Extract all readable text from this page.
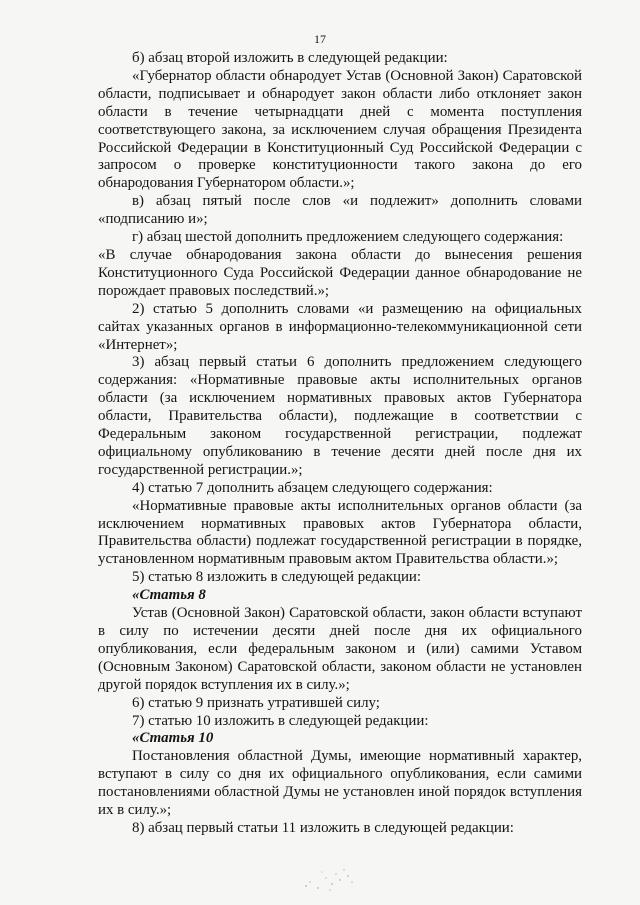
17

б) абзац второй изложить в следующей редакции:

«Губернатор области обнародует Устав (Основной Закон) Саратовской области, подписывает и обнародует закон области либо отклоняет закон области в течение четырнадцати дней с момента поступления соответствующего закона, за исключением случая обращения Президента Российской Федерации в Конституционный Суд Российской Федерации с запросом о проверке конституционности такого закона до его обнародования Губернатором области.»;

в) абзац пятый после слов «и подлежит» дополнить словами «подписанию и»;

г) абзац шестой дополнить предложением следующего содержания:

«В случае обнародования закона области до вынесения решения Конституционного Суда Российской Федерации данное обнародование не порождает правовых последствий.»;

2) статью 5 дополнить словами «и размещению на официальных сайтах указанных органов в информационно-телекоммуникационной сети «Интернет»;

3) абзац первый статьи 6 дополнить предложением следующего содержания: «Нормативные правовые акты исполнительных органов области (за исключением нормативных правовых актов Губернатора области, Правительства области), подлежащие в соответствии с Федеральным законом государственной регистрации, подлежат официальному опубликованию в течение десяти дней после дня их государственной регистрации.»;

4) статью 7 дополнить абзацем следующего содержания:

«Нормативные правовые акты исполнительных органов области (за исключением нормативных правовых актов Губернатора области, Правительства области) подлежат государственной регистрации в порядке, установленном нормативным правовым актом Правительства области.»;

5) статью 8 изложить в следующей редакции:

«Статья 8

Устав (Основной Закон) Саратовской области, закон области вступают в силу по истечении десяти дней после дня их официального опубликования, если федеральным законом и (или) самими Уставом (Основным Законом) Саратовской области, законом области не установлен другой порядок вступления их в силу.»;

6) статью 9 признать утратившей силу;

7) статью 10 изложить в следующей редакции:

«Статья 10

Постановления областной Думы, имеющие нормативный характер, вступают в силу со дня их официального опубликования, если самими постановлениями областной Думы не установлен иной порядок вступления их в силу.»;

8) абзац первый статьи 11 изложить в следующей редакции:
